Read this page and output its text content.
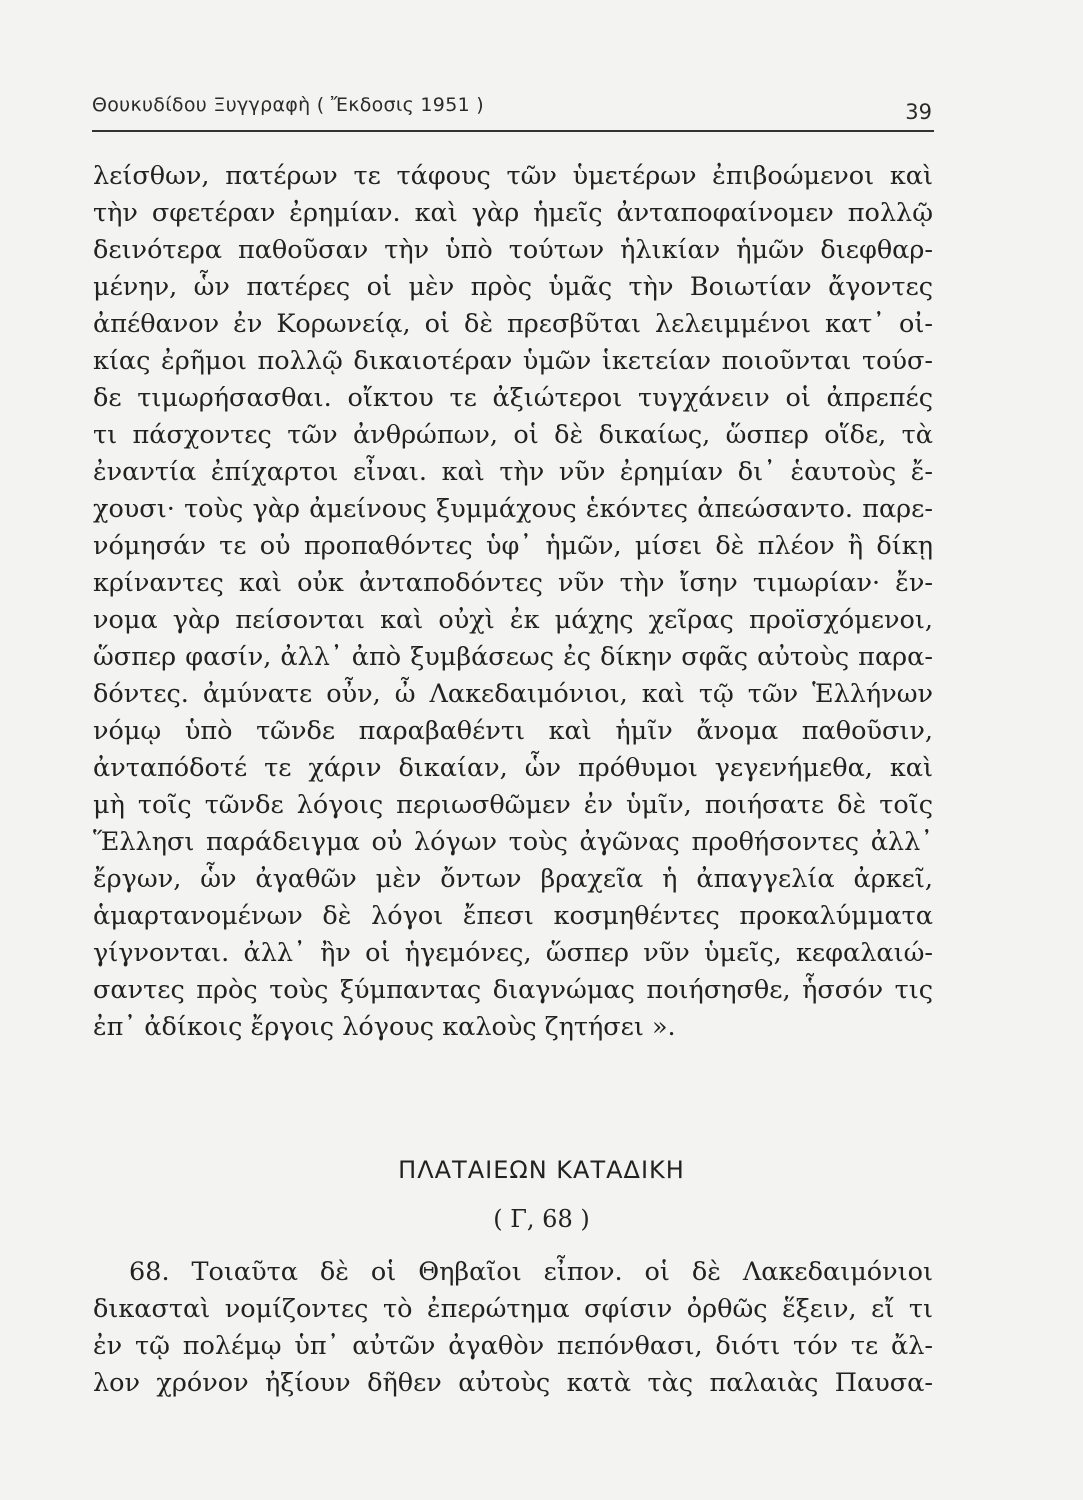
Θουκυδίδου Ξυγγραφὴ ( Ἔκδοσις 1951 )	39
λείσθων, πατέρων τε τάφους τῶν ὑμετέρων ἐπιβοώμενοι καὶ
τὴν σφετέραν ἐρημίαν. καὶ γὰρ ἡμεῖς ἀνταποφαίνομεν πολλῷ
δεινότερα παθοῦσαν τὴν ὑπὸ τούτων ἡλικίαν ἡμῶν διεφθαρ-
μένην, ὧν πατέρες οἱ μὲν πρὸς ὑμᾶς τὴν Βοιωτίαν ἄγοντες
ἀπέθανον ἐν Κορωνείᾳ, οἱ δὲ πρεσβῦται λελειμμένοι κατ᾿ οἰ-
κίας ἐρῆμοι πολλῷ δικαιοτέραν ὑμῶν ἱκετείαν ποιοῦνται τούσ-
δε τιμωρήσασθαι. οἴκτου τε ἀξιώτεροι τυγχάνειν οἱ ἀπρεπές
τι πάσχοντες τῶν ἀνθρώπων, οἱ δὲ δικαίως, ὥσπερ οἵδε, τὰ
ἐναντία ἐπίχαρτοι εἶναι. καὶ τὴν νῦν ἐρημίαν δι᾿ ἑαυτοὺς ἔ-
χουσι· τοὺς γὰρ ἀμείνους ξυμμάχους ἑκόντες ἀπεώσαντο. παρε-
νόμησάν τε οὐ προπαθόντες ὑφ᾿ ἡμῶν, μίσει δὲ πλέον ἢ δίκῃ
κρίναντες καὶ οὐκ ἀνταποδόντες νῦν τὴν ἴσην τιμωρίαν· ἔν-
νομα γὰρ πείσονται καὶ οὐχὶ ἐκ μάχης χεῖρας προϊσχόμενοι,
ὥσπερ φασίν, ἀλλ᾿ ἀπὸ ξυμβάσεως ἐς δίκην σφᾶς αὐτοὺς παρα-
δόντες. ἀμύνατε οὖν, ὦ Λακεδαιμόνιοι, καὶ τῷ τῶν Ἑλλήνων
νόμῳ ὑπὸ τῶνδε παραβαθέντι καὶ ἡμῖν ἄνομα παθοῦσιν,
ἀνταπόδοτέ τε χάριν δικαίαν, ὧν πρόθυμοι γεγενήμεθα, καὶ
μὴ τοῖς τῶνδε λόγοις περιωσθῶμεν ἐν ὑμῖν, ποιήσατε δὲ τοῖς
Ἕλλησι παράδειγμα οὐ λόγων τοὺς ἀγῶνας προθήσοντες ἀλλ᾿
ἔργων, ὧν ἀγαθῶν μὲν ὄντων βραχεῖα ἡ ἀπαγγελία ἀρκεῖ,
ἁμαρτανομένων δὲ λόγοι ἔπεσι κοσμηθέντες προκαλύμματα
γίγνονται. ἀλλ᾿ ἢν οἱ ἡγεμόνες, ὥσπερ νῦν ὑμεῖς, κεφαλαιώ-
σαντες πρὸς τοὺς ξύμπαντας διαγνώμας ποιήσησθε, ἧσσόν τις
ἐπ᾿ ἀδίκοις ἔργοις λόγους καλοὺς ζητήσει ».
ΠΛΑΤΑΙΕΩΝ ΚΑΤΑΔΙΚΗ
( Γ, 68 )
68. Τοιαῦτα δὲ οἱ Θηβαῖοι εἶπον. οἱ δὲ Λακεδαιμόνιοι
δικασταὶ νομίζοντες τὸ ἐπερώτημα σφίσιν ὀρθῶς ἕξειν, εἴ τι
ἐν τῷ πολέμῳ ὑπ᾿ αὐτῶν ἀγαθὸν πεπόνθασι, διότι τόν τε ἄλ-
λον χρόνον ἠξίουν δῆθεν αὐτοὺς κατὰ τὰς παλαιὰς Παυσα-
